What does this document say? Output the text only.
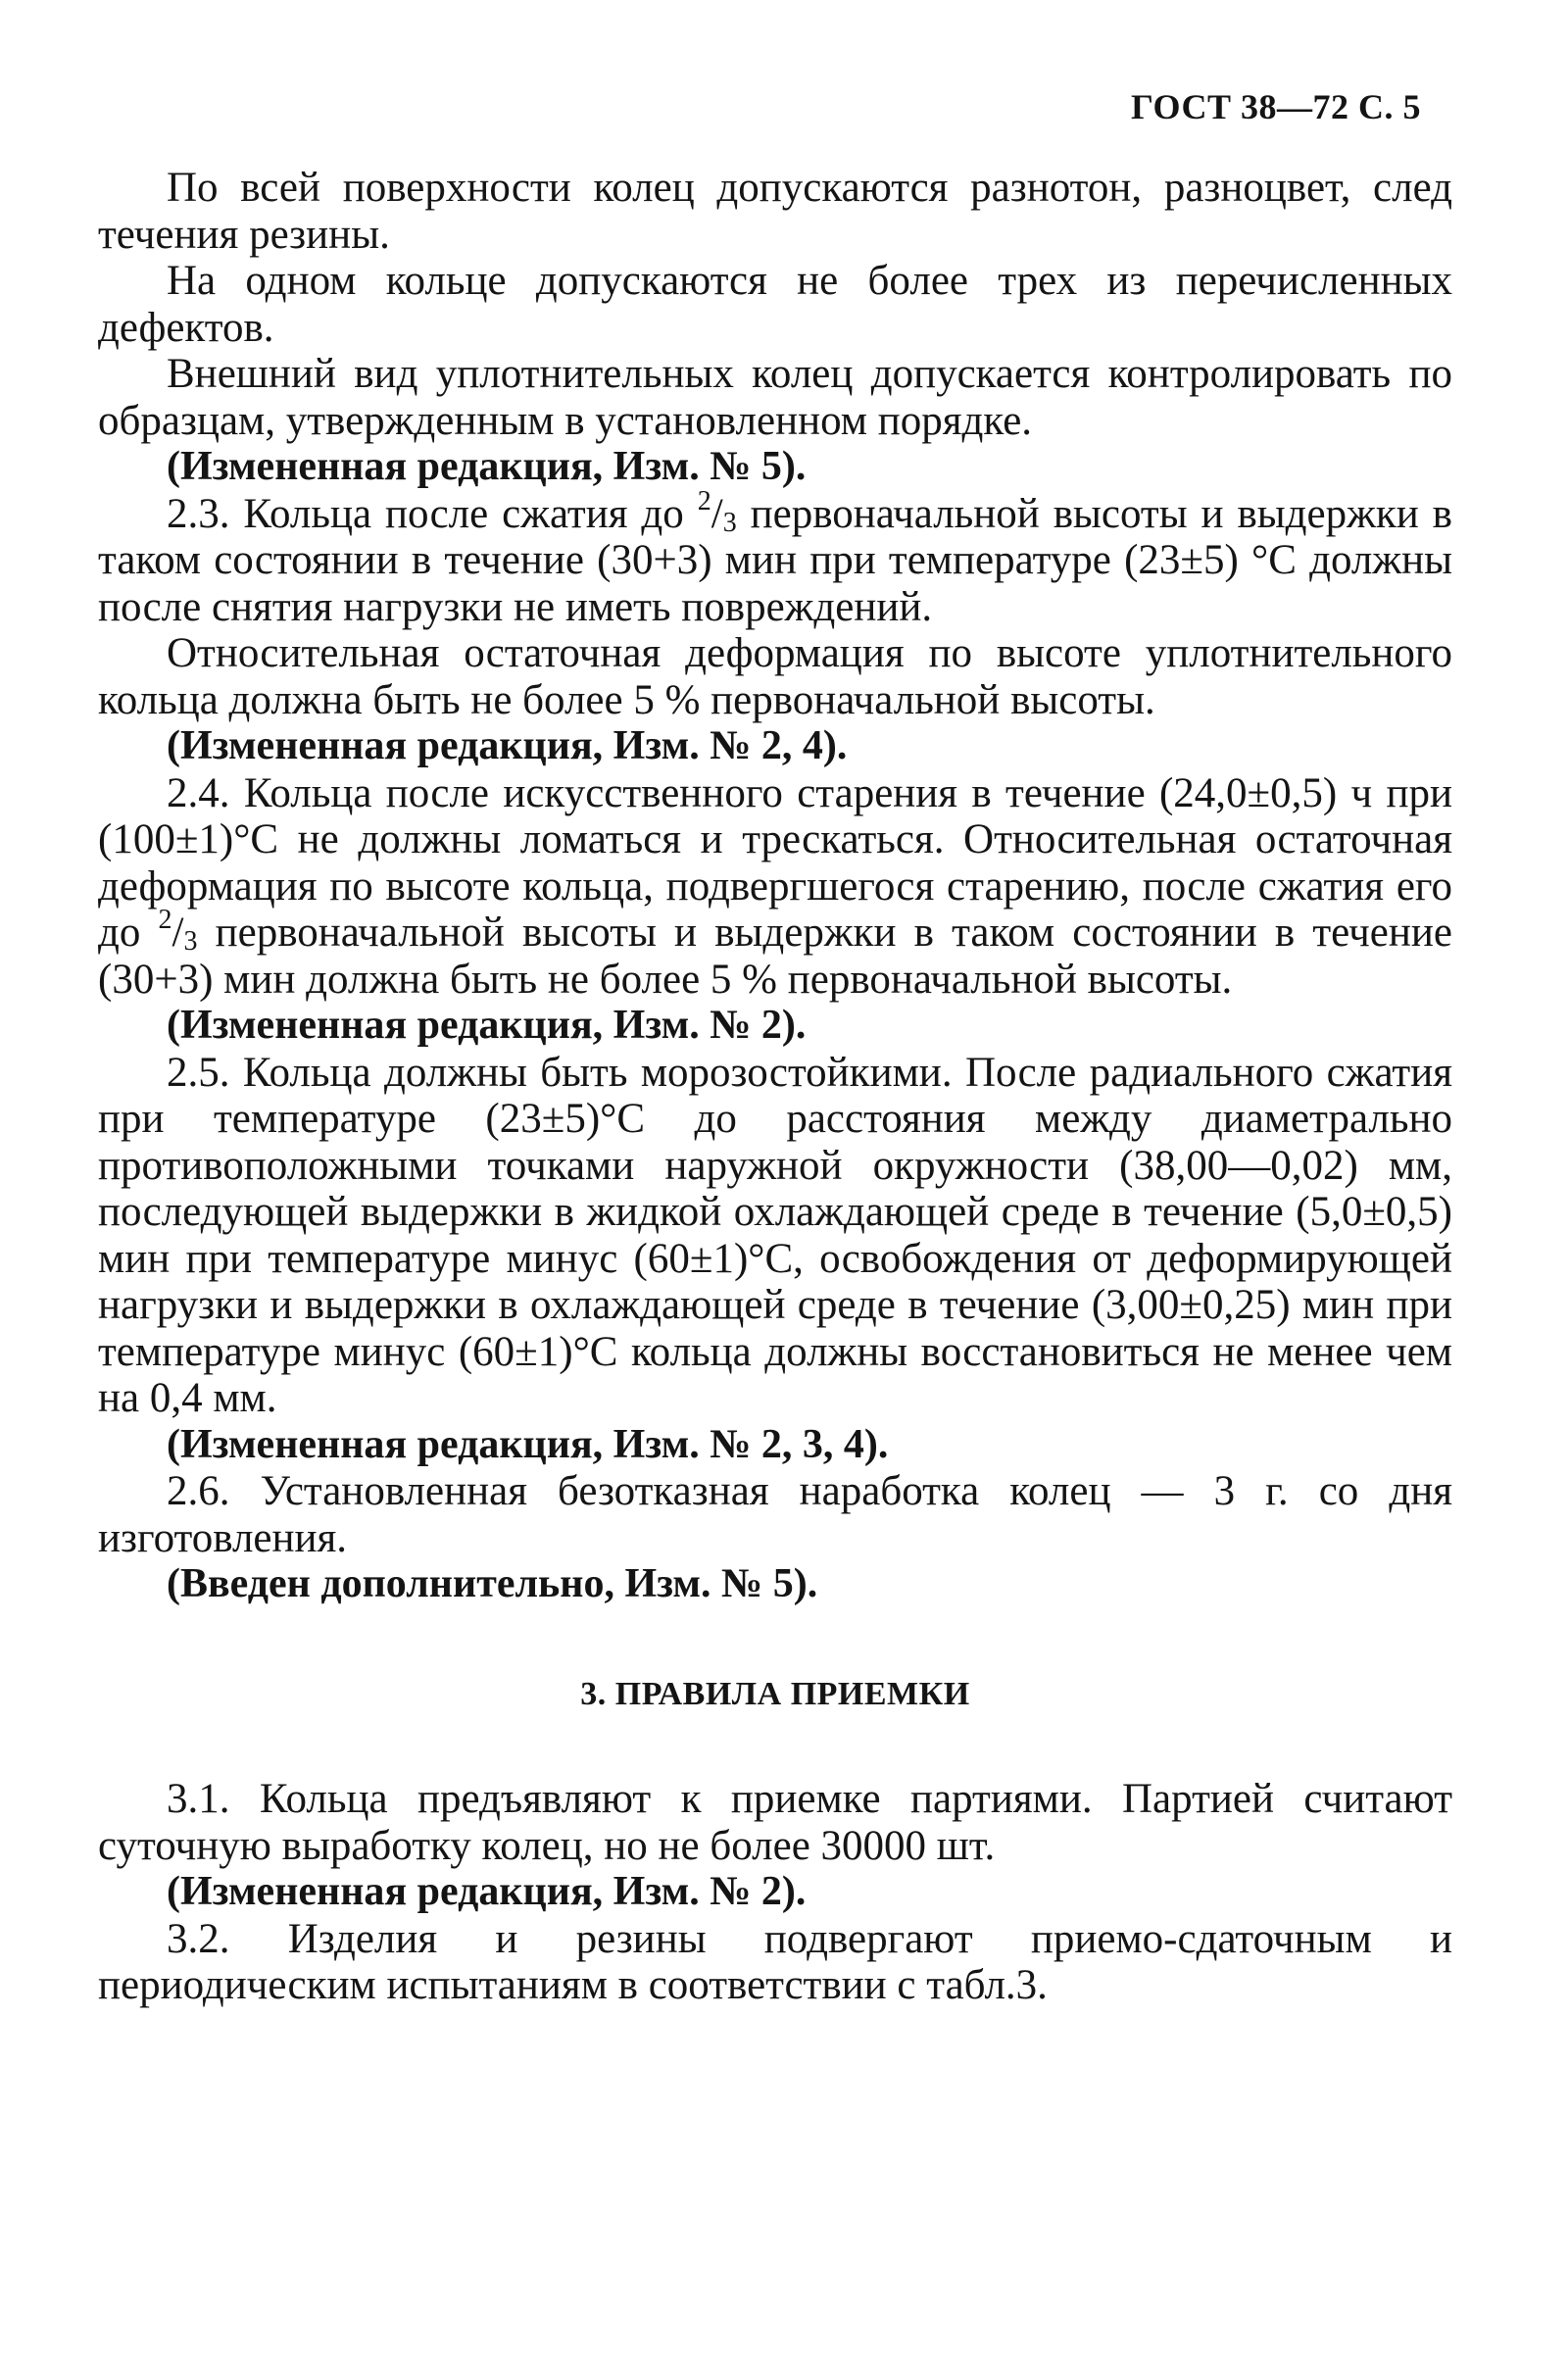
ГОСТ 38—72 С. 5

По всей поверхности колец допускаются разнотон, разноцвет, след течения резины.

На одном кольце допускаются не более трех из перечисленных дефектов.

Внешний вид уплотнительных колец допускается контролировать по образцам, утвержденным в установленном порядке.

(Измененная редакция, Изм. № 5).

2.3. Кольца после сжатия до $^2/_3$ первоначальной высоты и выдержки в таком состоянии в течение (30+3) мин при температуре (23±5) °С должны после снятия нагрузки не иметь повреждений.

Относительная остаточная деформация по высоте уплотнительного кольца должна быть не более 5 % первоначальной высоты.

(Измененная редакция, Изм. № 2, 4).

2.4. Кольца после искусственного старения в течение (24,0±0,5) ч при (100±1)°С не должны ломаться и трескаться. Относительная остаточная деформация по высоте кольца, подвергшегося старению, после сжатия его до $^2/_3$ первоначальной высоты и выдержки в таком состоянии в течение (30+3) мин должна быть не более 5 % первоначальной высоты.

(Измененная редакция, Изм. № 2).

2.5. Кольца должны быть морозостойкими. После радиального сжатия при температуре (23±5)°С до расстояния между диаметрально противоположными точками наружной окружности (38,00—0,02) мм, последующей выдержки в жидкой охлаждающей среде в течение (5,0±0,5) мин при температуре минус (60±1)°С, освобождения от деформирующей нагрузки и выдержки в охлаждающей среде в течение (3,00±0,25) мин при температуре минус (60±1)°С кольца должны восстановиться не менее чем на 0,4 мм.

(Измененная редакция, Изм. № 2, 3, 4).

2.6. Установленная безотказная наработка колец — 3 г. со дня изготовления.

(Введен дополнительно, Изм. № 5).

3. ПРАВИЛА ПРИЕМКИ

3.1. Кольца предъявляют к приемке партиями. Партией считают суточную выработку колец, но не более 30000 шт.

(Измененная редакция, Изм. № 2).

3.2. Изделия и резины подвергают приемо-сдаточным и периодическим испытаниям в соответствии с табл.3.
